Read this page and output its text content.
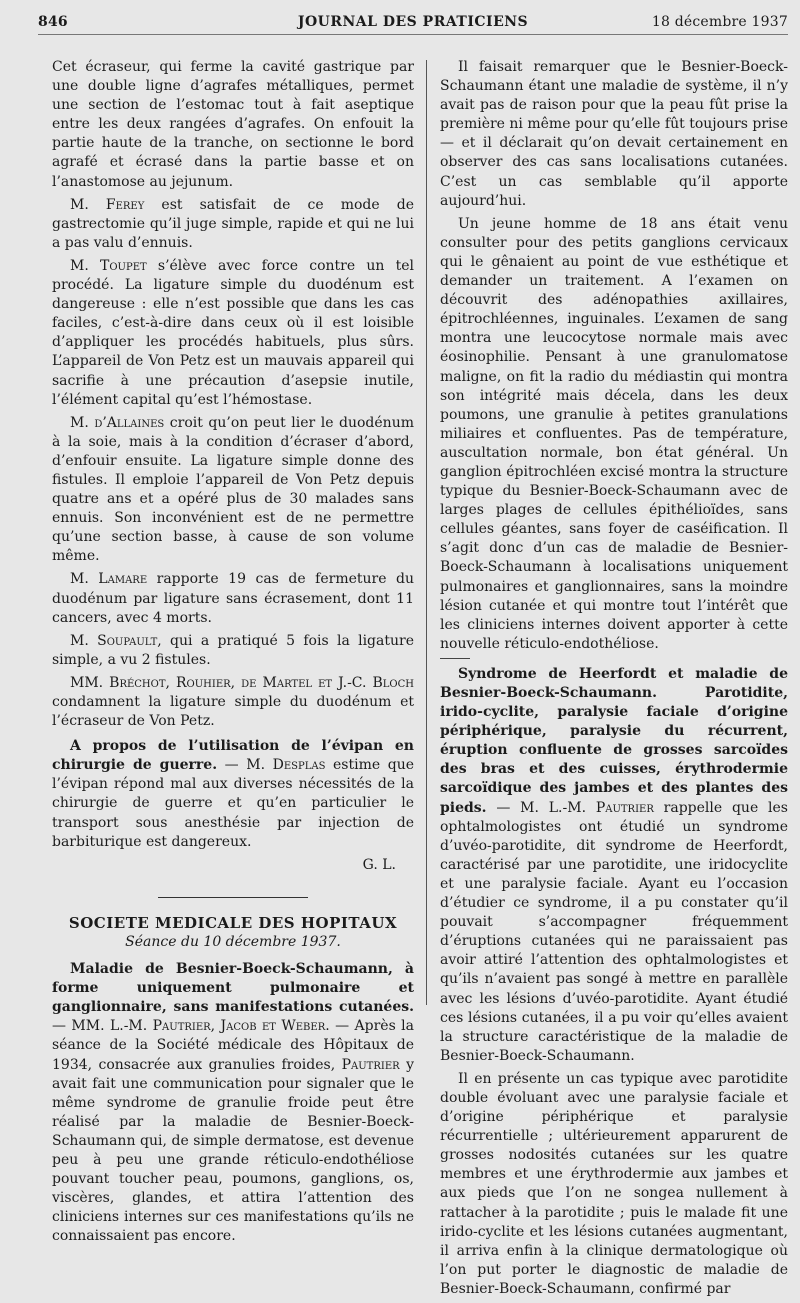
846	JOURNAL DES PRATICIENS	18 décembre 1937

Cet écraseur, qui ferme la cavité gastrique par une double ligne d’agrafes métalliques, permet une section de l’estomac tout à fait aseptique entre les deux rangées d’agrafes. On enfouit la partie haute de la tranche, on sectionne le bord agrafé et écrasé dans la partie basse et on l’anastomose au jejunum.

M. Ferey est satisfait de ce mode de gastrectomie qu’il juge simple, rapide et qui ne lui a pas valu d’ennuis.

M. Toupet s’élève avec force contre un tel procédé. La ligature simple du duodénum est dangereuse : elle n’est possible que dans les cas faciles, c’est-à-dire dans ceux où il est loisible d’appliquer les procédés habituels, plus sûrs. L’appareil de Von Petz est un mauvais appareil qui sacrifie à une précaution d’asepsie inutile, l’élément capital qu’est l’hémostase.

M. d’Allaines croit qu’on peut lier le duodénum à la soie, mais à la condition d’écraser d’abord, d’enfouir ensuite. La ligature simple donne des fistules. Il emploie l’appareil de Von Petz depuis quatre ans et a opéré plus de 30 malades sans ennuis. Son inconvénient est de ne permettre qu’une section basse, à cause de son volume même.

M. Lamare rapporte 19 cas de fermeture du duodénum par ligature sans écrasement, dont 11 cancers, avec 4 morts.

M. Soupault, qui a pratiqué 5 fois la ligature simple, a vu 2 fistules.

MM. Bréchot, Rouhier, de Martel et J.-C. Bloch condamnent la ligature simple du duodénum et l’écraseur de Von Petz.

A propos de l’utilisation de l’évipan en chirurgie de guerre. — M. Desplas estime que l’évipan répond mal aux diverses nécessités de la chirurgie de guerre et qu’en particulier le transport sous anesthésie par injection de barbiturique est dangereux.

G. L.

SOCIETE MEDICALE DES HOPITAUX

Séance du 10 décembre 1937.

Maladie de Besnier-Boeck-Schaumann, à forme uniquement pulmonaire et ganglionnaire, sans manifestations cutanées. — MM. L.-M. Pautrier, Jacob et Weber. — Après la séance de la Société médicale des Hôpitaux de 1934, consacrée aux granulies froides, Pautrier y avait fait une communication pour signaler que le même syndrome de granulie froide peut être réalisé par la maladie de Besnier-Boeck-Schaumann qui, de simple dermatose, est devenue peu à peu une grande réticulo-endothéliose pouvant toucher peau, poumons, ganglions, os, viscères, glandes, et attira l’attention des cliniciens internes sur ces manifestations qu’ils ne connaissaient pas encore.

Il faisait remarquer que le Besnier-Boeck-Schaumann étant une maladie de système, il n’y avait pas de raison pour que la peau fût prise la première ni même pour qu’elle fût toujours prise — et il déclarait qu’on devait certainement en observer des cas sans localisations cutanées. C’est un cas semblable qu’il apporte aujourd’hui.

Un jeune homme de 18 ans était venu consulter pour des petits ganglions cervicaux qui le gênaient au point de vue esthétique et demander un traitement. A l’examen on découvrit des adénopathies axillaires, épitrochléennes, inguinales. L’examen de sang montra une leucocytose normale mais avec éosinophilie. Pensant à une granulomatose maligne, on fit la radio du médiastin qui montra son intégrité mais décela, dans les deux poumons, une granulie à petites granulations miliaires et confluentes. Pas de température, auscultation normale, bon état général. Un ganglion épitrochléen excisé montra la structure typique du Besnier-Boeck-Schaumann avec de larges plages de cellules épithélioïdes, sans cellules géantes, sans foyer de caséification. Il s’agit donc d’un cas de maladie de Besnier-Boeck-Schaumann à localisations uniquement pulmonaires et ganglionnaires, sans la moindre lésion cutanée et qui montre tout l’intérêt que les cliniciens internes doivent apporter à cette nouvelle réticulo-endothéliose.

Syndrome de Heerfordt et maladie de Besnier-Boeck-Schaumann. Parotidite, irido-cyclite, paralysie faciale d’origine périphérique, paralysie du récurrent, éruption confluente de grosses sarcoïdes des bras et des cuisses, érythrodermie sarcoïdique des jambes et des plantes des pieds. — M. L.-M. Pautrier rappelle que les ophtalmologistes ont étudié un syndrome d’uvéo-parotidite, dit syndrome de Heerfordt, caractérisé par une parotidite, une iridocyclite et une paralysie faciale. Ayant eu l’occasion d’étudier ce syndrome, il a pu constater qu’il pouvait s’accompagner fréquemment d’éruptions cutanées qui ne paraissaient pas avoir attiré l’attention des ophtalmologistes et qu’ils n’avaient pas songé à mettre en parallèle avec les lésions d’uvéo-parotidite. Ayant étudié ces lésions cutanées, il a pu voir qu’elles avaient la structure caractéristique de la maladie de Besnier-Boeck-Schaumann.

Il en présente un cas typique avec parotidite double évoluant avec une paralysie faciale et d’origine périphérique et paralysie récurrentielle ; ultérieurement apparurent de grosses nodosités cutanées sur les quatre membres et une érythrodermie aux jambes et aux pieds que l’on ne songea nullement à rattacher à la parotidite ; puis le malade fit une irido-cyclite et les lésions cutanées augmentant, il arriva enfin à la clinique dermatologique où l’on put porter le diagnostic de maladie de Besnier-Boeck-Schaumann, confirmé par
